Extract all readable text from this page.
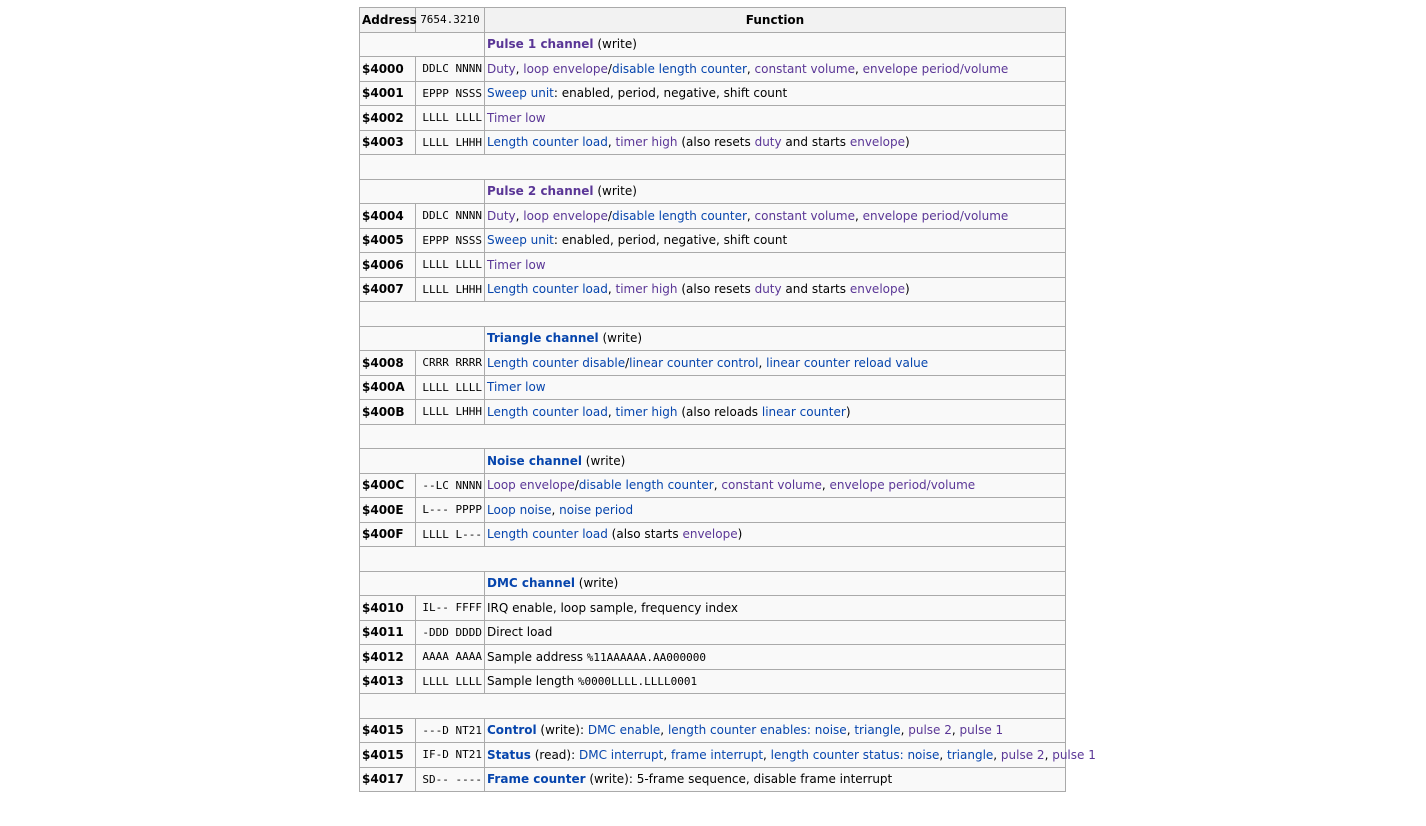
Address	7654.3210	Function
		Pulse 1 channel (write)
$4000	DDLC NNNN	Duty, loop envelope/disable length counter, constant volume, envelope period/volume
$4001	EPPP NSSS	Sweep unit: enabled, period, negative, shift count
$4002	LLLL LLLL	Timer low
$4003	LLLL LHHH	Length counter load, timer high (also resets duty and starts envelope)

		Pulse 2 channel (write)
$4004	DDLC NNNN	Duty, loop envelope/disable length counter, constant volume, envelope period/volume
$4005	EPPP NSSS	Sweep unit: enabled, period, negative, shift count
$4006	LLLL LLLL	Timer low
$4007	LLLL LHHH	Length counter load, timer high (also resets duty and starts envelope)

		Triangle channel (write)
$4008	CRRR RRRR	Length counter disable/linear counter control, linear counter reload value
$400A	LLLL LLLL	Timer low
$400B	LLLL LHHH	Length counter load, timer high (also reloads linear counter)

		Noise channel (write)
$400C	--LC NNNN	Loop envelope/disable length counter, constant volume, envelope period/volume
$400E	L--- PPPP	Loop noise, noise period
$400F	LLLL L---	Length counter load (also starts envelope)

		DMC channel (write)
$4010	IL-- FFFF	IRQ enable, loop sample, frequency index
$4011	-DDD DDDD	Direct load
$4012	AAAA AAAA	Sample address %11AAAAAA.AA000000
$4013	LLLL LLLL	Sample length %0000LLLL.LLLL0001

$4015	---D NT21	Control (write): DMC enable, length counter enables: noise, triangle, pulse 2, pulse 1
$4015	IF-D NT21	Status (read): DMC interrupt, frame interrupt, length counter status: noise, triangle, pulse 2, pulse 1
$4017	SD-- ----	Frame counter (write): 5-frame sequence, disable frame interrupt
